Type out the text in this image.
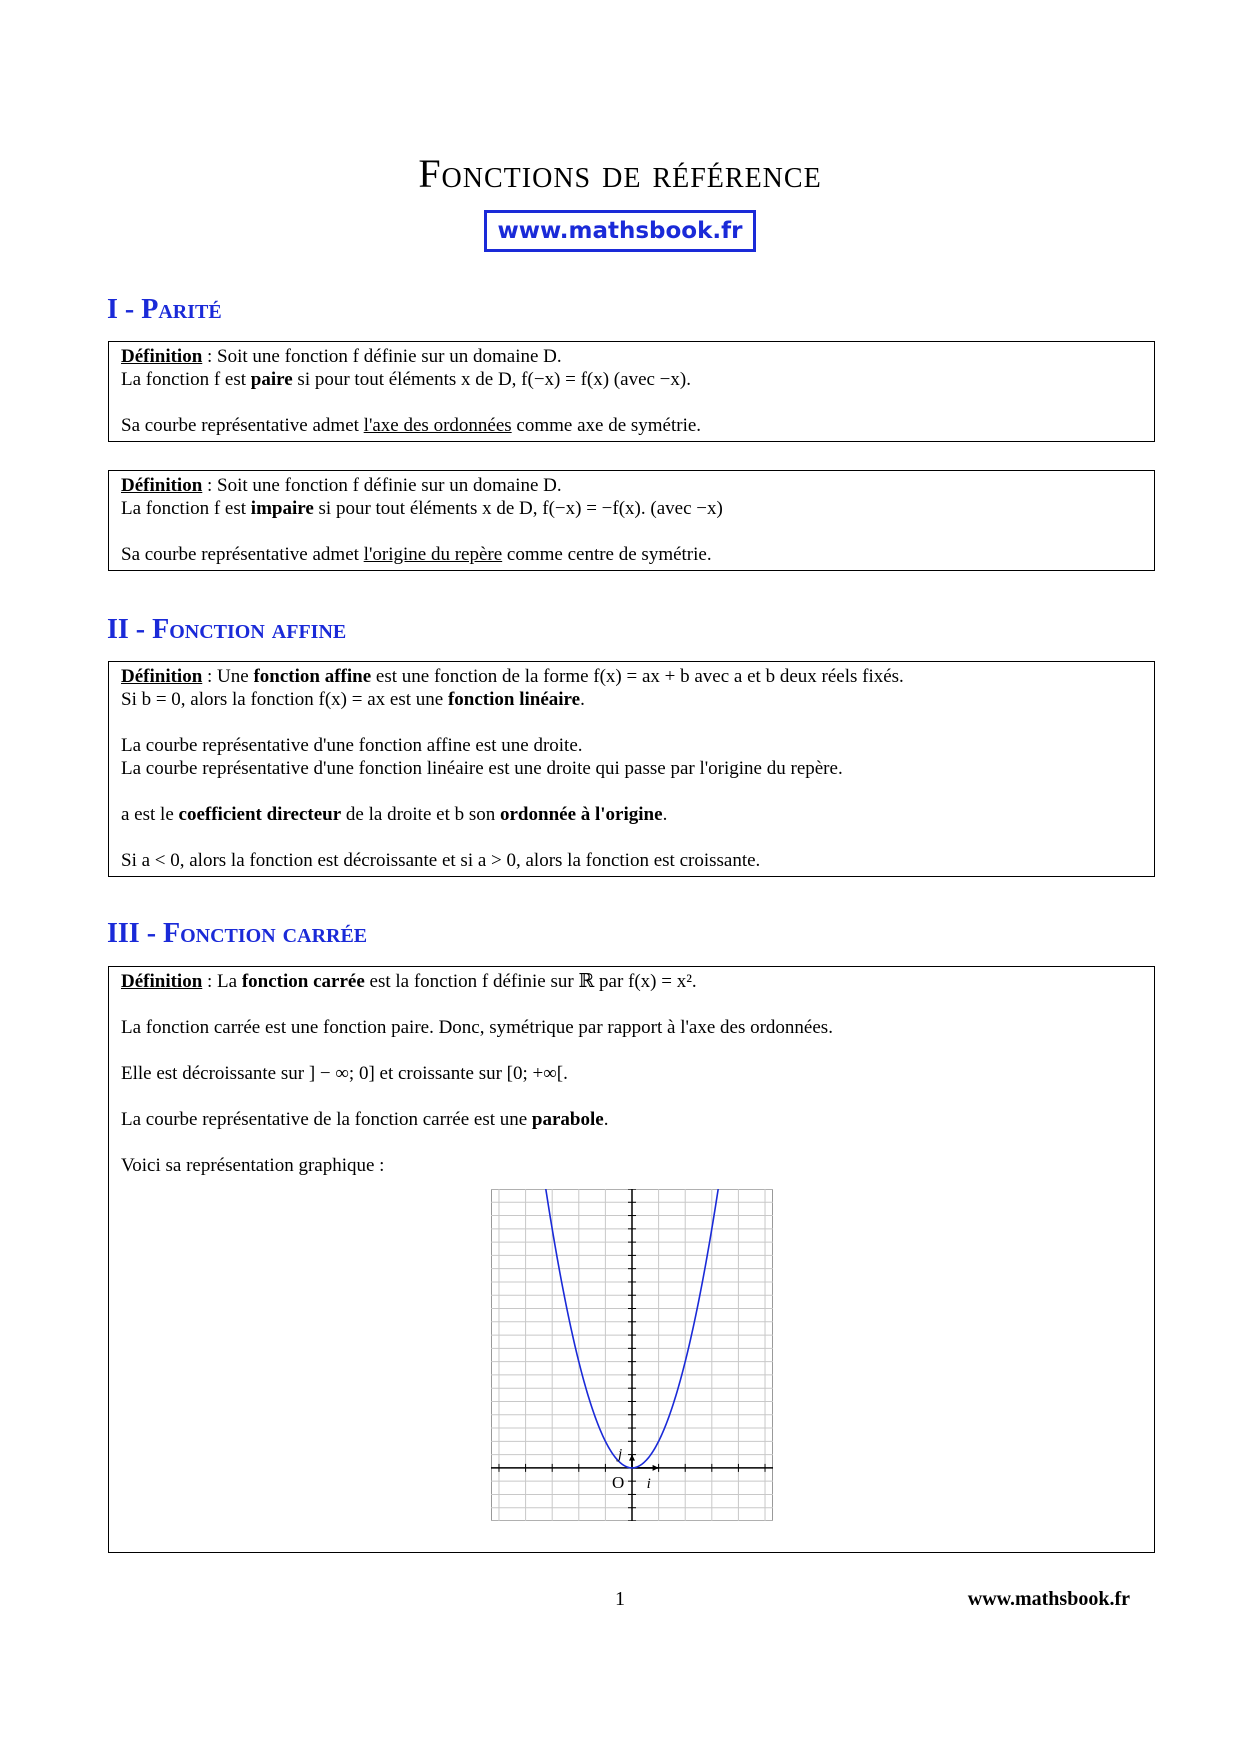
Fonctions de référence
www.mathsbook.fr
I - Parité

Définition : Soit une fonction f définie sur un domaine D.

La fonction f est paire si pour tout éléments x de D, f(−x) = f(x) (avec −x).

Sa courbe représentative admet l'axe des ordonnées comme axe de symétrie.

Définition : Soit une fonction f définie sur un domaine D.

La fonction f est impaire si pour tout éléments x de D, f(−x) = −f(x). (avec −x)

Sa courbe représentative admet l'origine du repère comme centre de symétrie.

II - Fonction affine

Définition : Une fonction affine est une fonction de la forme f(x) = ax + b avec a et b deux réels fixés.

Si b = 0, alors la fonction f(x) = ax est une fonction linéaire.

La courbe représentative d'une fonction affine est une droite.

La courbe représentative d'une fonction linéaire est une droite qui passe par l'origine du repère.

a est le coefficient directeur de la droite et b son ordonnée à l'origine.

Si a < 0, alors la fonction est décroissante et si a > 0, alors la fonction est croissante.

III - Fonction carrée

Définition : La fonction carrée est la fonction f définie sur ℝ par f(x) = x².

La fonction carrée est une fonction paire. Donc, symétrique par rapport à l'axe des ordonnées.

Elle est décroissante sur ] − ∞; 0] et croissante sur [0; +∞[.

La courbe représentative de la fonction carrée est une parabole.

Voici sa représentation graphique :

O i⃗
j⃗
1	www.mathsbook.fr
